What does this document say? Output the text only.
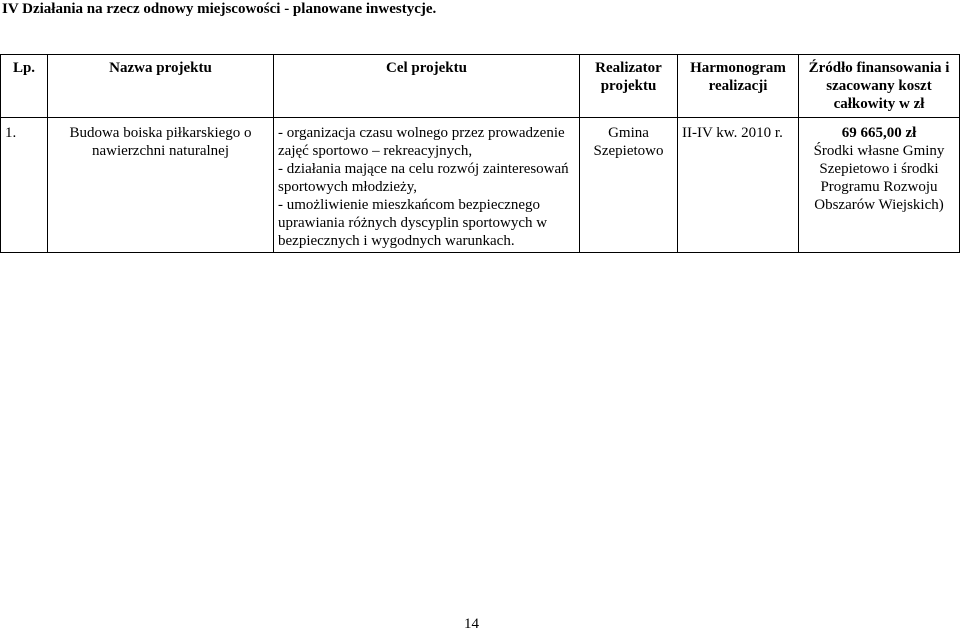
IV Działania na rzecz odnowy miejscowości - planowane inwestycje.
Lp.	Nazwa projektu	Cel projektu	Realizator projektu	Harmonogram realizacji	Źródło finansowania i szacowany koszt całkowity w zł
1.	Budowa boiska piłkarskiego o nawierzchni naturalnej	- organizacja czasu wolnego przez prowadzenie zajęć sportowo – rekreacyjnych,
- działania mające na celu rozwój zainteresowań sportowych młodzieży,
- umożliwienie mieszkańcom bezpiecznego uprawiania różnych dyscyplin sportowych w bezpiecznych i wygodnych warunkach.	Gmina Szepietowo	II-IV kw. 2010 r.	69 665,00 zł
Środki własne Gminy Szepietowo i środki Programu Rozwoju Obszarów Wiejskich)
14
